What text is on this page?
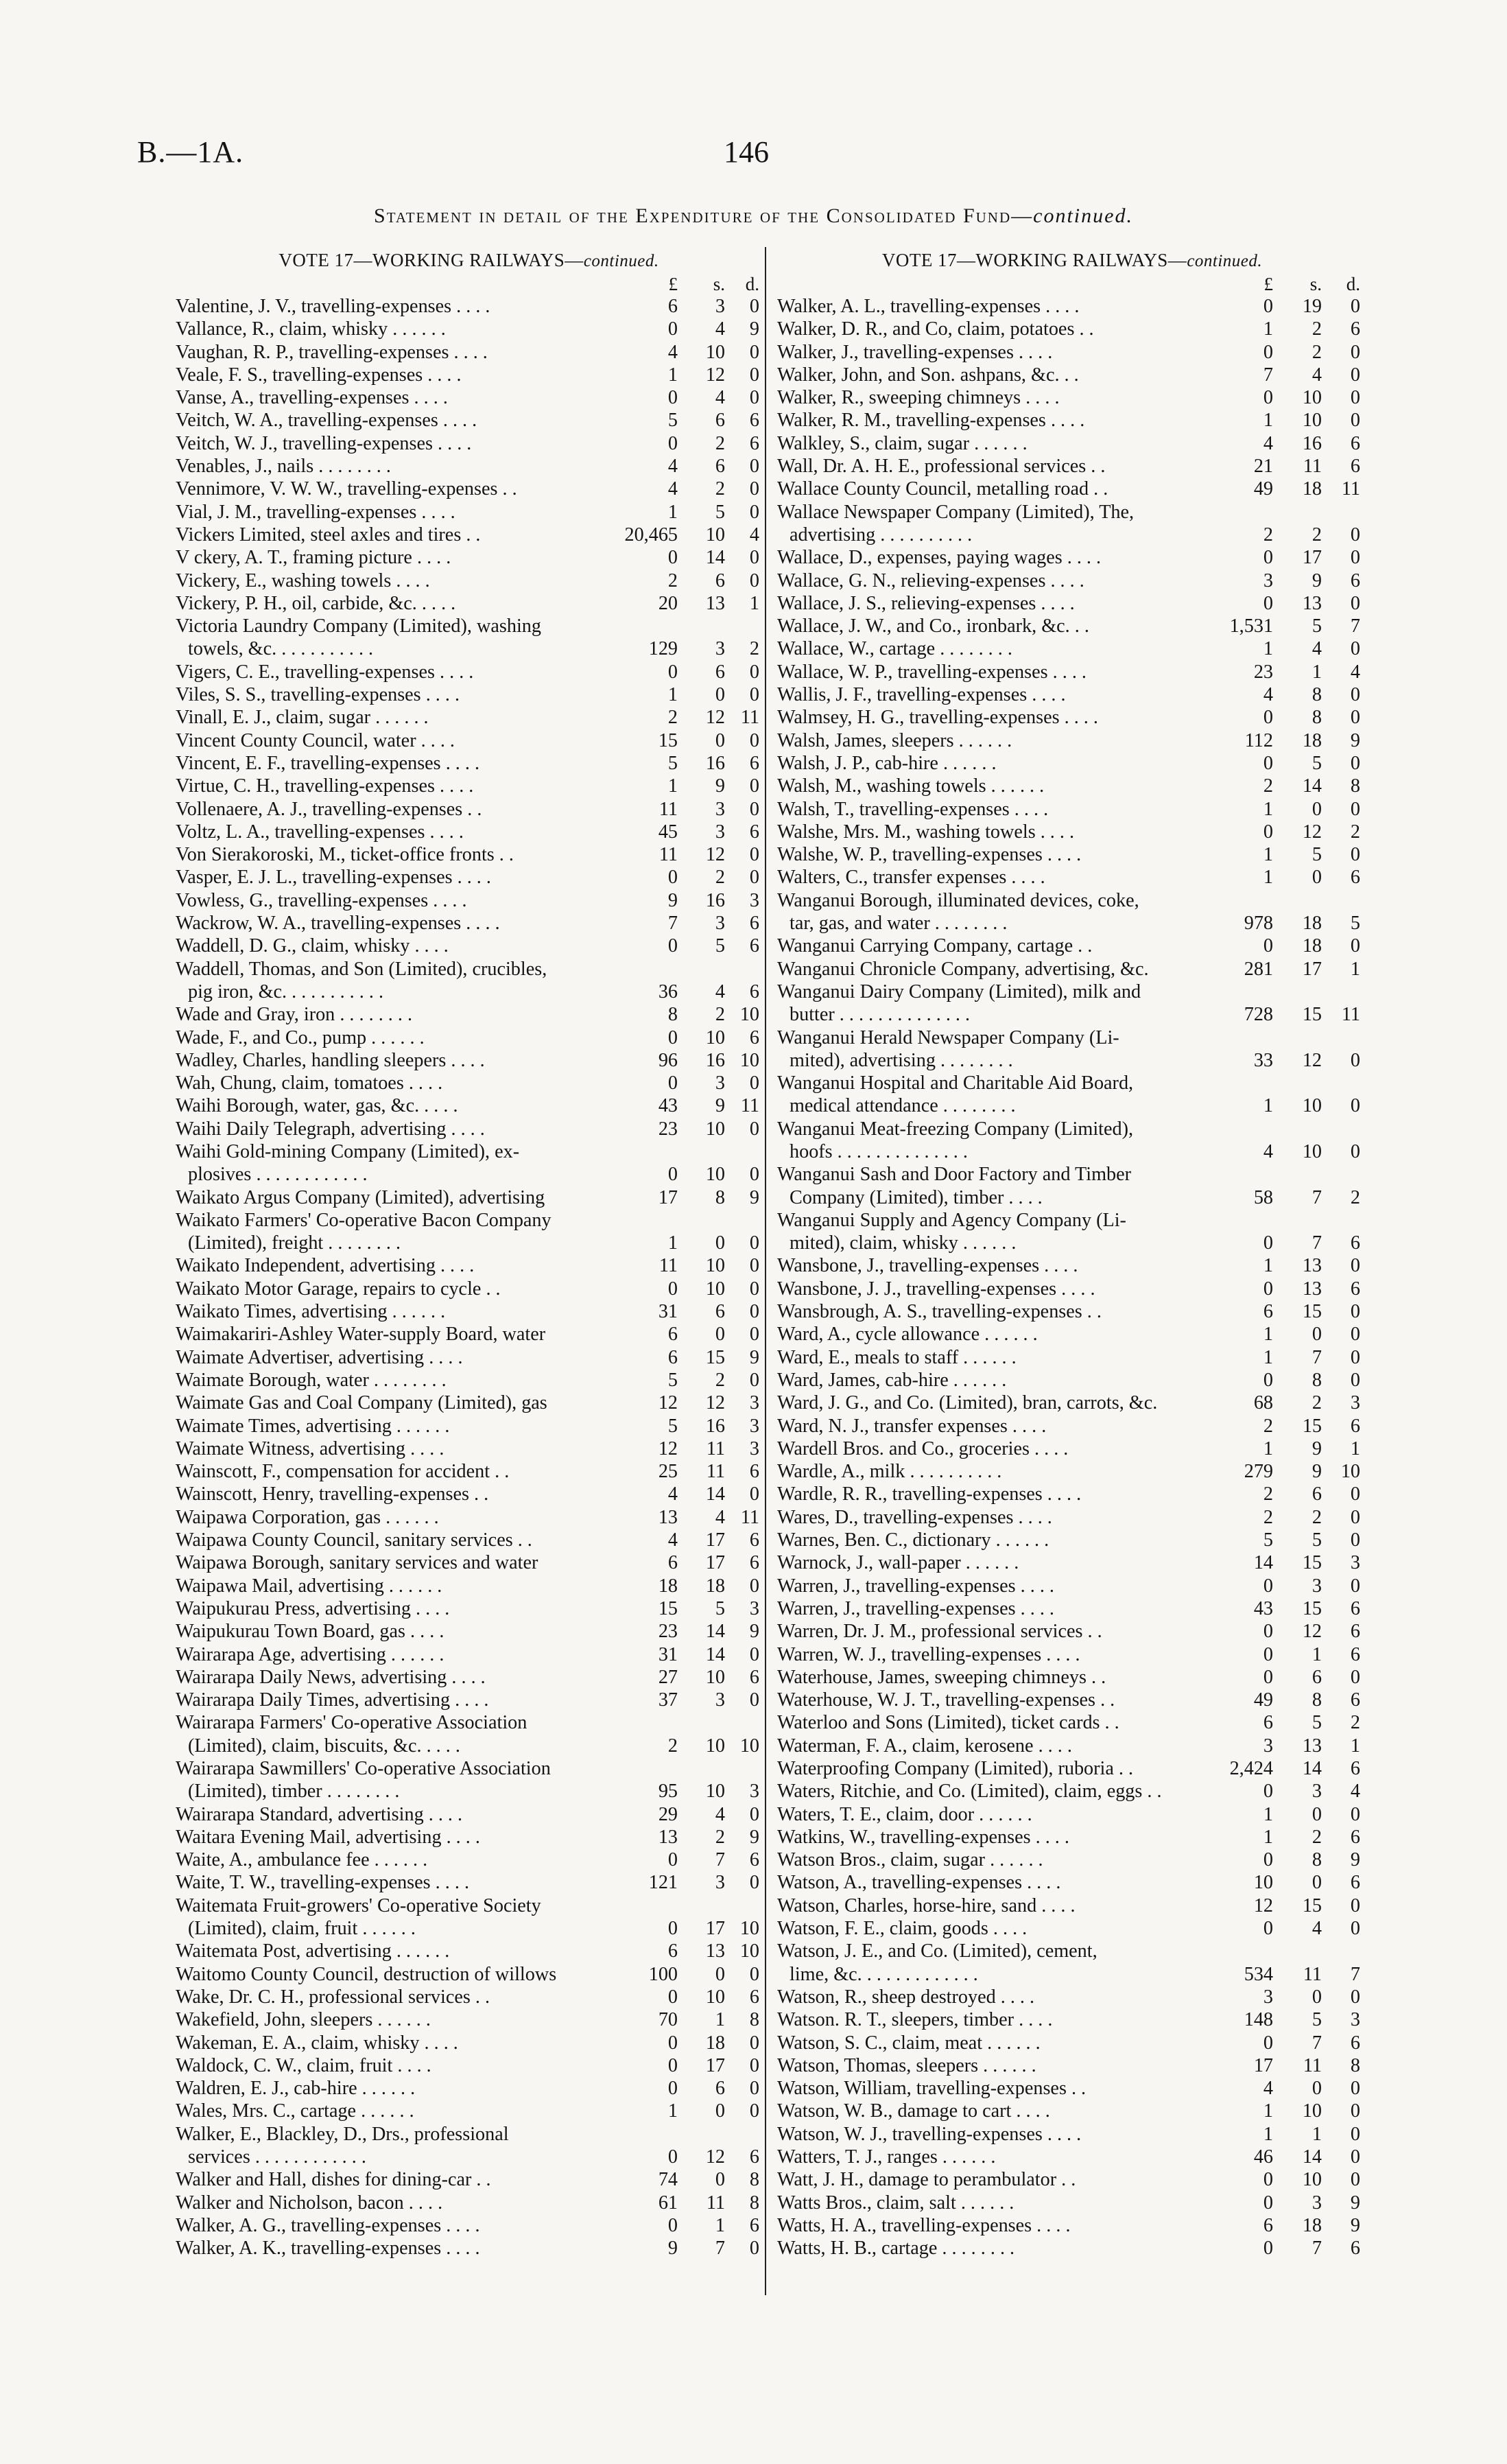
B.—1A.	146
Statement in detail of the Expenditure of the Consolidated Fund—continued.
VOTE 17—WORKING RAILWAYS—continued.
£	s.	d.
Valentine, J. V., travelling-expenses . . . .	6	3	0
Vallance, R., claim, whisky . . . . . .	0	4	9
Vaughan, R. P., travelling-expenses . . . .	4	10	0
Veale, F. S., travelling-expenses . . . .	1	12	0
Vanse, A., travelling-expenses . . . .	0	4	0
Veitch, W. A., travelling-expenses . . . .	5	6	6
Veitch, W. J., travelling-expenses . . . .	0	2	6
Venables, J., nails . . . . . . . .	4	6	0
Vennimore, V. W. W., travelling-expenses . .	4	2	0
Vial, J. M., travelling-expenses . . . .	1	5	0
Vickers Limited, steel axles and tires . .	20,465	10	4
V ckery, A. T., framing picture . . . .	0	14	0
Vickery, E., washing towels . . . .	2	6	0
Vickery, P. H., oil, carbide, &c. . . . .	20	13	1
Victoria Laundry Company (Limited), washing
towels, &c. . . . . . . . . . .	129	3	2
Vigers, C. E., travelling-expenses . . . .	0	6	0
Viles, S. S., travelling-expenses . . . .	1	0	0
Vinall, E. J., claim, sugar . . . . . .	2	12 11
Vincent County Council, water . . . .	15	0	0
Vincent, E. F., travelling-expenses . . . .	5	16	6
Virtue, C. H., travelling-expenses . . . .	1	9	0
Vollenaere, A. J., travelling-expenses . .	11	3	0
Voltz, L. A., travelling-expenses . . . .	45	3	6
Von Sierakoroski, M., ticket-office fronts . .	11	12	0
Vasper, E. J. L., travelling-expenses . . . .	0	2	0
Vowless, G., travelling-expenses . . . .	9	16	3
Wackrow, W. A., travelling-expenses . . . .	7	3	6
Waddell, D. G., claim, whisky . . . .	0	5	6
Waddell, Thomas, and Son (Limited), crucibles,
pig iron, &c. . . . . . . . . . .	36	4	6
Wade and Gray, iron . . . . . . . .	8	2 10
Wade, F., and Co., pump . . . . . .	0	10	6
Wadley, Charles, handling sleepers . . . .	96	16 10
Wah, Chung, claim, tomatoes . . . .	0	3	0
Waihi Borough, water, gas, &c. . . . .	43	9 11
Waihi Daily Telegraph, advertising . . . .	23	10	0
Waihi Gold-mining Company (Limited), ex-
plosives . . . . . . . . . . . .	0	10	0
Waikato Argus Company (Limited), advertising	17	8	9
Waikato Farmers' Co-operative Bacon Company
(Limited), freight . . . . . . . .	1	0	0
Waikato Independent, advertising . . . .	11	10	0
Waikato Motor Garage, repairs to cycle . .	0	10	0
Waikato Times, advertising . . . . . .	31	6	0
Waimakariri-Ashley Water-supply Board, water	6	0	0
Waimate Advertiser, advertising . . . .	6	15	9
Waimate Borough, water . . . . . . . .	5	2	0
Waimate Gas and Coal Company (Limited), gas	12	12	3
Waimate Times, advertising . . . . . .	5	16	3
Waimate Witness, advertising . . . .	12	11	3
Wainscott, F., compensation for accident . .	25	11	6
Wainscott, Henry, travelling-expenses . .	4	14	0
Waipawa Corporation, gas . . . . . .	13	4 11
Waipawa County Council, sanitary services . .	4	17	6
Waipawa Borough, sanitary services and water	6	17	6
Waipawa Mail, advertising . . . . . .	18	18	0
Waipukurau Press, advertising . . . .	15	5	3
Waipukurau Town Board, gas . . . .	23	14	9
Wairarapa Age, advertising . . . . . .	31	14	0
Wairarapa Daily News, advertising . . . .	27	10	6
Wairarapa Daily Times, advertising . . . .	37	3	0
Wairarapa Farmers' Co-operative Association
(Limited), claim, biscuits, &c. . . . .	2	10 10
Wairarapa Sawmillers' Co-operative Association
(Limited), timber . . . . . . . .	95	10	3
Wairarapa Standard, advertising . . . .	29	4	0
Waitara Evening Mail, advertising . . . .	13	2	9
Waite, A., ambulance fee . . . . . .	0	7	6
Waite, T. W., travelling-expenses . . . .	121	3	0
Waitemata Fruit-growers' Co-operative Society
(Limited), claim, fruit . . . . . .	0	17 10
Waitemata Post, advertising . . . . . .	6	13 10
Waitomo County Council, destruction of willows	100	0	0
Wake, Dr. C. H., professional services . .	0	10	6
Wakefield, John, sleepers . . . . . .	70	1	8
Wakeman, E. A., claim, whisky . . . .	0	18	0
Waldock, C. W., claim, fruit . . . .	0	17	0
Waldren, E. J., cab-hire . . . . . .	0	6	0
Wales, Mrs. C., cartage . . . . . .	1	0	0
Walker, E., Blackley, D., Drs., professional
services . . . . . . . . . . . .	0	12	6
Walker and Hall, dishes for dining-car . .	74	0	8
Walker and Nicholson, bacon . . . .	61	11	8
Walker, A. G., travelling-expenses . . . .	0	1	6
Walker, A. K., travelling-expenses . . . .	9	7	0
VOTE 17—WORKING RAILWAYS—continued.
£	s.	d.
Walker, A. L., travelling-expenses . . . .	0	19	0
Walker, D. R., and Co, claim, potatoes . .	1	2	6
Walker, J., travelling-expenses . . . .	0	2	0
Walker, John, and Son. ashpans, &c. . .	7	4	0
Walker, R., sweeping chimneys . . . .	0	10	0
Walker, R. M., travelling-expenses . . . .	1	10	0
Walkley, S., claim, sugar . . . . . .	4	16	6
Wall, Dr. A. H. E., professional services . .	21	11	6
Wallace County Council, metalling road . .	49	18	11
Wallace Newspaper Company (Limited), The,
advertising . . . . . . . . . .	2	2	0
Wallace, D., expenses, paying wages . . . .	0	17	0
Wallace, G. N., relieving-expenses . . . .	3	9	6
Wallace, J. S., relieving-expenses . . . .	0	13	0
Wallace, J. W., and Co., ironbark, &c. . .	1,531	5	7
Wallace, W., cartage . . . . . . . .	1	4	0
Wallace, W. P., travelling-expenses . . . .	23	1	4
Wallis, J. F., travelling-expenses . . . .	4	8	0
Walmsey, H. G., travelling-expenses . . . .	0	8	0
Walsh, James, sleepers . . . . . .	112	18	9
Walsh, J. P., cab-hire . . . . . .	0	5	0
Walsh, M., washing towels . . . . . .	2	14	8
Walsh, T., travelling-expenses . . . .	1	0	0
Walshe, Mrs. M., washing towels . . . .	0	12	2
Walshe, W. P., travelling-expenses . . . .	1	5	0
Walters, C., transfer expenses . . . .	1	0	6
Wanganui Borough, illuminated devices, coke,
tar, gas, and water . . . . . . . .	978	18	5
Wanganui Carrying Company, cartage . .	0	18	0
Wanganui Chronicle Company, advertising, &c.	281	17	1
Wanganui Dairy Company (Limited), milk and
butter . . . . . . . . . . . . . .	728	15	11
Wanganui Herald Newspaper Company (Li-
mited), advertising . . . . . . . .	33	12	0
Wanganui Hospital and Charitable Aid Board,
medical attendance . . . . . . . .	1	10	0
Wanganui Meat-freezing Company (Limited),
hoofs . . . . . . . . . . . . . .	4	10	0
Wanganui Sash and Door Factory and Timber
Company (Limited), timber . . . .	58	7	2
Wanganui Supply and Agency Company (Li-
mited), claim, whisky . . . . . .	0	7	6
Wansbone, J., travelling-expenses . . . .	1	13	0
Wansbone, J. J., travelling-expenses . . . .	0	13	6
Wansbrough, A. S., travelling-expenses . .	6	15	0
Ward, A., cycle allowance . . . . . .	1	0	0
Ward, E., meals to staff . . . . . .	1	7	0
Ward, James, cab-hire . . . . . .	0	8	0
Ward, J. G., and Co. (Limited), bran, carrots, &c.	68	2	3
Ward, N. J., transfer expenses . . . .	2	15	6
Wardell Bros. and Co., groceries . . . .	1	9	1
Wardle, A., milk . . . . . . . . . .	279	9 10
Wardle, R. R., travelling-expenses . . . .	2	6	0
Wares, D., travelling-expenses . . . .	2	2	0
Warnes, Ben. C., dictionary . . . . . .	5	5	0
Warnock, J., wall-paper . . . . . .	14	15	3
Warren, J., travelling-expenses . . . .	0	3	0
Warren, J., travelling-expenses . . . .	43	15	6
Warren, Dr. J. M., professional services . .	0	12	6
Warren, W. J., travelling-expenses . . . .	0	1	6
Waterhouse, James, sweeping chimneys . .	0	6	0
Waterhouse, W. J. T., travelling-expenses . .	49	8	6
Waterloo and Sons (Limited), ticket cards . .	6	5	2
Waterman, F. A., claim, kerosene . . . .	3	13	1
Waterproofing Company (Limited), ruboria . .	2,424	14	6
Waters, Ritchie, and Co. (Limited), claim, eggs . .	0	3	4
Waters, T. E., claim, door . . . . . .	1	0	0
Watkins, W., travelling-expenses . . . .	1	2	6
Watson Bros., claim, sugar . . . . . .	0	8	9
Watson, A., travelling-expenses . . . .	10	0	6
Watson, Charles, horse-hire, sand . . . .	12	15	0
Watson, F. E., claim, goods . . . .	0	4	0
Watson, J. E., and Co. (Limited), cement,
lime, &c. . . . . . . . . . . . .	534	11	7
Watson, R., sheep destroyed . . . .	3	0	0
Watson. R. T., sleepers, timber . . . .	148	5	3
Watson, S. C., claim, meat . . . . . .	0	7	6
Watson, Thomas, sleepers . . . . . .	17	11	8
Watson, William, travelling-expenses . .	4	0	0
Watson, W. B., damage to cart . . . .	1	10	0
Watson, W. J., travelling-expenses . . . .	1	1	0
Watters, T. J., ranges . . . . . .	46	14	0
Watt, J. H., damage to perambulator . .	0	10	0
Watts Bros., claim, salt . . . . . .	0	3	9
Watts, H. A., travelling-expenses . . . .	6	18	9
Watts, H. B., cartage . . . . . . . .	0	7	6
